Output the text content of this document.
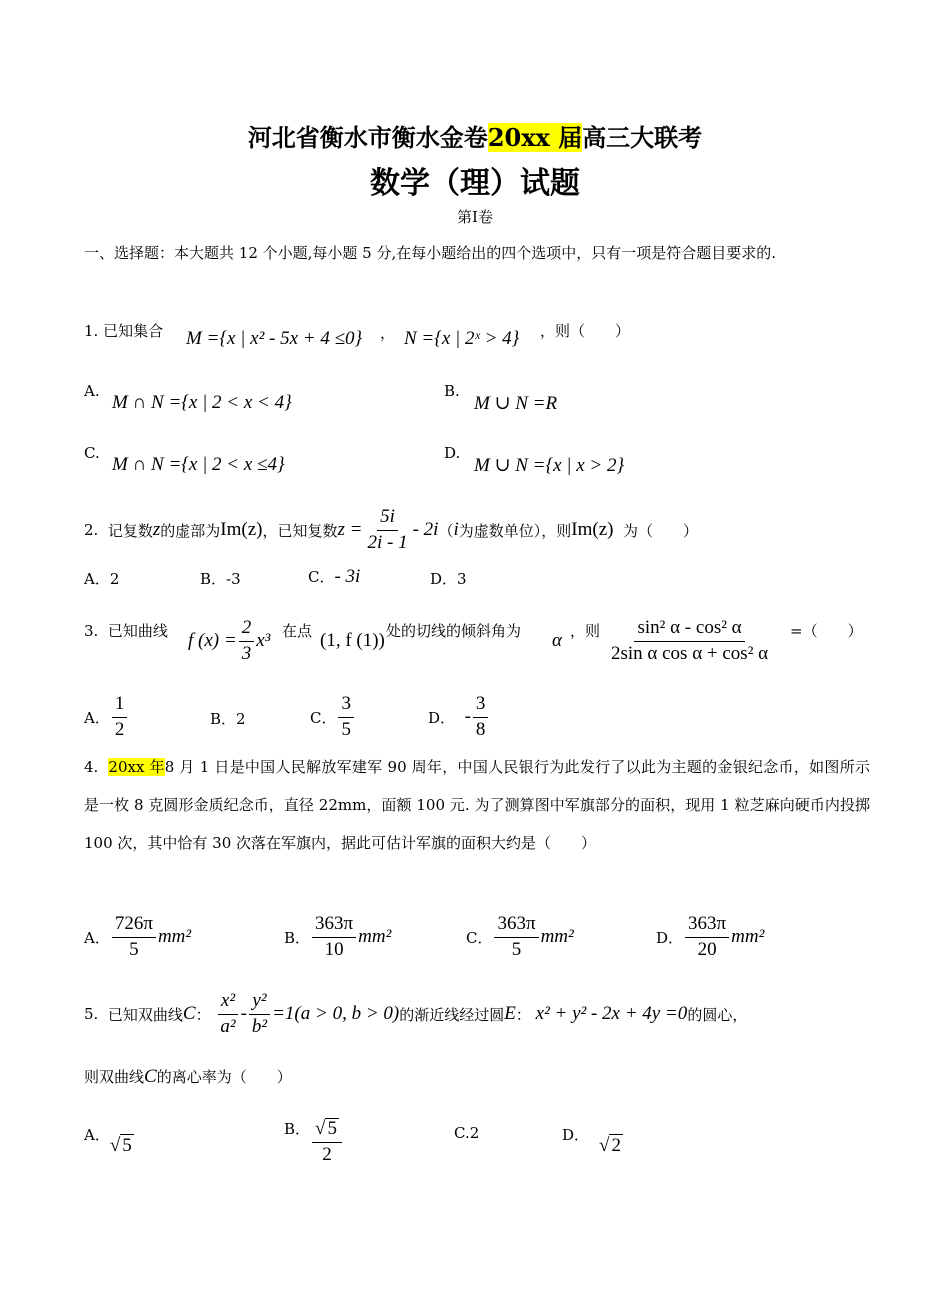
河北省衡水市衡水金卷20xx 届高三大联考
数学（理）试题
第Ⅰ卷
一、选择题：本大题共 12 个小题,每小题 5 分,在每小题给出的四个选项中，只有一项是符合题目要求的.
1. 已知集合 M ={x | x² - 5x + 4 ≤0} ， N ={x | 2ˣ > 4} ，则（　　）
A.
M ∩ N ={x | 2 < x < 4}
B.
M ∪ N =R
C.
M ∩ N ={x | 2 < x ≤4}
D.
M ∪ N ={x | x > 2}
2.
记复数 z 的虚部为 Im(z) ，已知复数 $z = \frac{5i}{2i - 1} - 2i$ （ i 为虚数单位），则 Im(z)
为（　　）
A．2	B．-3	C．- 3i	D．3
3. 已知曲线 f $(x) = \frac{2}{3} x^3$ 在点 (1, f (1)) 处的切线的倾斜角为 α ，则 $\frac{\text{sin² α - cos² α}}{\text{2sin α cos α + cos² α}}$ =（　　）
A． $\frac{1}{2}$	B．2	C． $\frac{3}{5}$	D．
- $\frac{3}{8}$
4. 20xx 年8 月 1 日是中国人民解放军建军 90 周年，中国人民银行为此发行了以此为主题的金银纪念币，如图所示是一枚 8 克圆形金质纪念币，直径 22mm，面额 100 元. 为了测算图中军旗部分的面积，现用 1 粒芝麻向硬币内投掷 100 次，其中恰有 30 次落在军旗内，据此可估计军旗的面积大约是（　　）
A． $\frac{726\pi}{5} mm^2$	B． $\frac{363\pi}{10} mm^2$	C． $\frac{363\pi}{5} mm^2$	D． $\frac{363\pi}{20} mm^2$
5.
已知双曲线 C ：
$\frac{\text{x²}}{\text{a²}} - \frac{\text{y²}}{\text{b²}} =1(a > 0$, b > 0) 的渐近线经过圆 E ：
x² + y² - 2x + 4y =0 的圆心，
则双曲线C的离心率为（　　）
A． √ 5
B． $\frac{√ 5}{2}$	C.2	D． √ 2
